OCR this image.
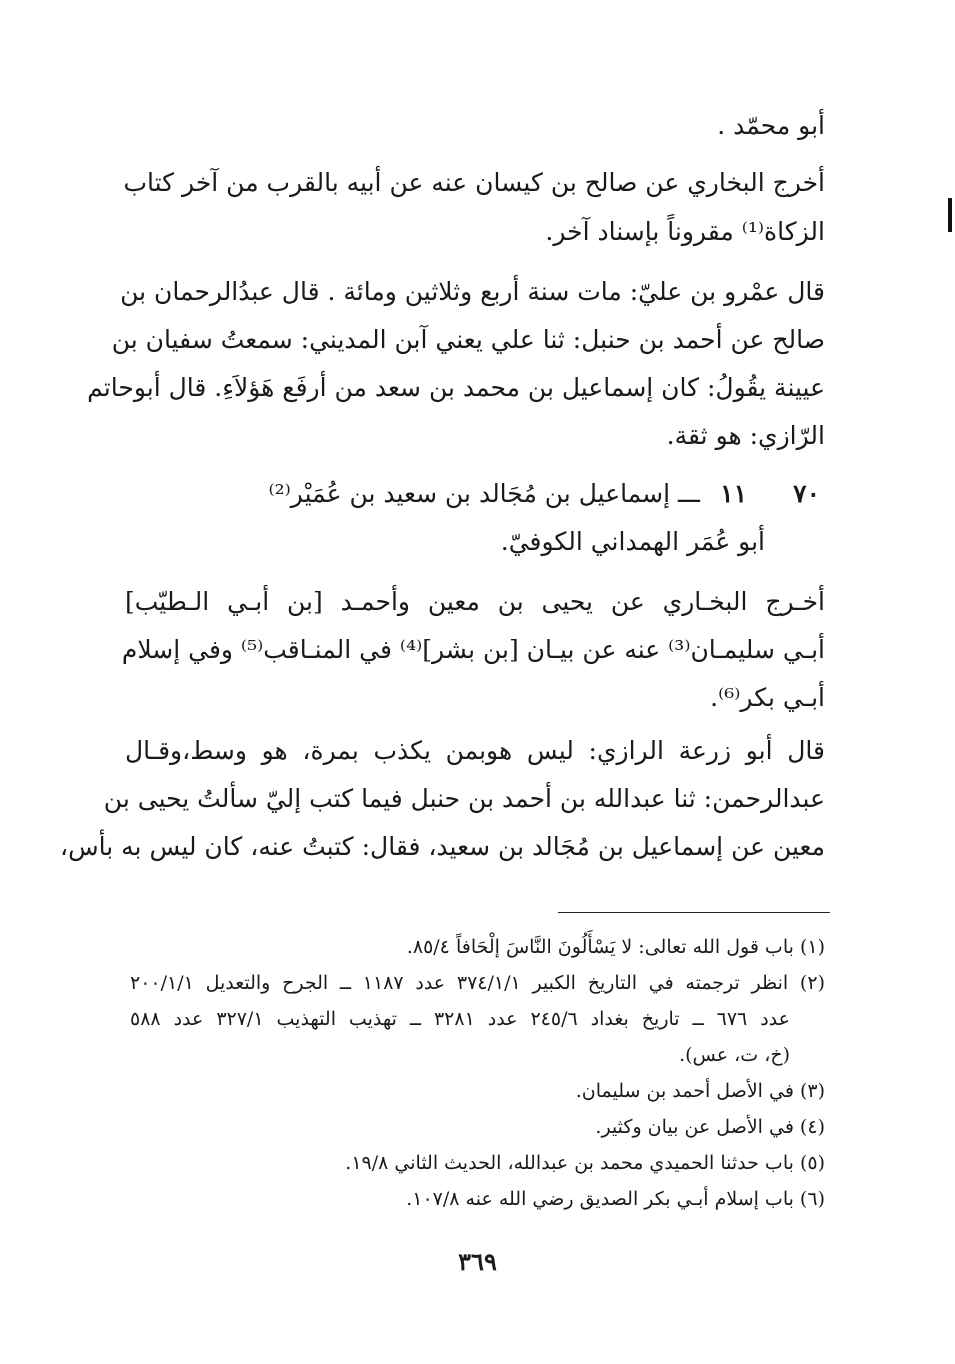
أبو محمّد .
أخرج البخاري عن صالح بن كيسان عنه عن أبيه بالقرب من آخر كتاب
الزكاة⁽¹⁾ مقروناً بإسناد آخر.
قال عمْرو بن عليّ: مات سنة أربع وثلاثين ومائة . قال عبدُالرحمان بن
صالح عن أحمد بن حنبل: ثنا علي يعني آبن المديني: سمعتُ سفيان بن
عيينة يقُولُ: كان إسماعيل بن محمد بن سعد من أرفَع هَؤلاَءِ. قال أبوحاتم
الرّازي: هو ثقة.
٧٠
١١
ـــ إسماعيل بن مُجَالد بن سعيد بن عُمَيْر⁽²⁾
أبو عُمَر الهمداني الكوفيّ.
أخـرج البخـاري عن يحيى بن معين وأحمـد [بن أبـي الـطيّب]
أبـي سليمـان⁽³⁾ عنه عن بيـان [بن بشر]⁽⁴⁾ في المنـاقب⁽⁵⁾ وفي إسلام
أبـي بكر⁽⁶⁾.
قال أبو زرعة الرازي: ليس هوبمن يكذب بمرة، هو وسط،وقـال
عبدالرحمن: ثنا عبدالله بن أحمد بن حنبل فيما كتب إليّ سألتُ يحيى بن
معين عن إسماعيل بن مُجَالد بن سعيد، فقال: كتبتُ عنه، كان ليس به بأس،
(١) باب قول الله تعالى: لا يَسْأَلُونَ النَّاسَ إلْحَافاً ٨٥/٤.
(٢) انظر ترجمته في التاريخ الكبير ٣٧٤/١/١ عدد ١١٨٧ ــ الجرح والتعديل ٢٠٠/١/١
عدد ٦٧٦ ــ تاريخ بغداد ٢٤٥/٦ عدد ٣٢٨١ ــ تهذيب التهذيب ٣٢٧/١ عدد ٥٨٨
(خ، ت، عس).
(٣) في الأصل أحمد بن سليمان.
(٤) في الأصل عن بيان وكثير.
(٥) باب حدثنا الحميدي محمد بن عبدالله، الحديث الثاني ١٩/٨.
(٦) باب إسلام أبـي بكر الصديق رضي الله عنه ١٠٧/٨.
٣٦٩
